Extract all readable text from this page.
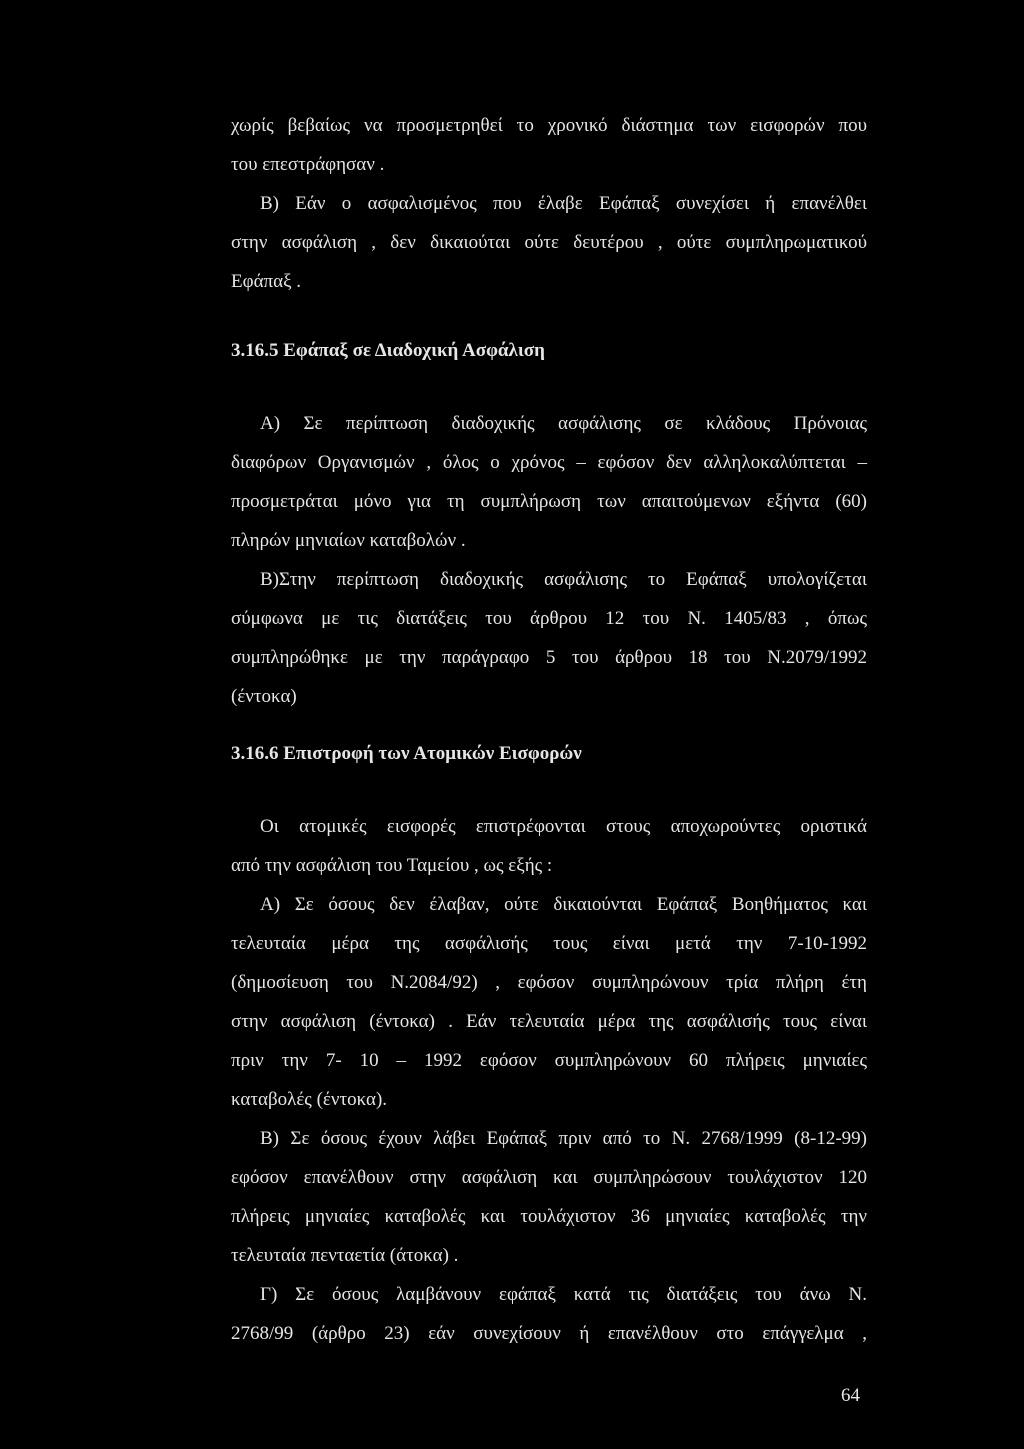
χωρίς βεβαίως να προσμετρηθεί το χρονικό διάστημα των εισφορών που
του επεστράφησαν .
Β) Εάν ο ασφαλισμένος που έλαβε Εφάπαξ συνεχίσει ή επανέλθει
στην ασφάλιση , δεν δικαιούται ούτε δευτέρου , ούτε συμπληρωματικού
Εφάπαξ .
3.16.5 Εφάπαξ σε Διαδοχική Ασφάλιση
Α) Σε περίπτωση διαδοχικής ασφάλισης σε κλάδους Πρόνοιας
διαφόρων Οργανισμών , όλος ο χρόνος – εφόσον δεν αλληλοκαλύπτεται –
προσμετράται μόνο για τη συμπλήρωση των απαιτούμενων εξήντα (60)
πληρών μηνιαίων καταβολών .
Β)Στην περίπτωση διαδοχικής ασφάλισης το Εφάπαξ υπολογίζεται
σύμφωνα με τις διατάξεις του άρθρου 12 του Ν. 1405/83 , όπως
συμπληρώθηκε με την παράγραφο 5 του άρθρου 18 του Ν.2079/1992
(έντοκα)
3.16.6 Επιστροφή των Ατομικών Εισφορών
Οι ατομικές εισφορές επιστρέφονται στους αποχωρούντες οριστικά
από την ασφάλιση του Ταμείου , ως εξής :
Α) Σε όσους δεν έλαβαν, ούτε δικαιούνται Εφάπαξ Βοηθήματος και
τελευταία μέρα της ασφάλισής τους είναι μετά την 7-10-1992
(δημοσίευση του Ν.2084/92) , εφόσον συμπληρώνουν τρία πλήρη έτη
στην ασφάλιση (έντοκα) . Εάν τελευταία μέρα της ασφάλισής τους είναι
πριν την 7- 10 – 1992 εφόσον συμπληρώνουν 60 πλήρεις μηνιαίες
καταβολές (έντοκα).
Β) Σε όσους έχουν λάβει Εφάπαξ πριν από το Ν. 2768/1999 (8-12-99)
εφόσον επανέλθουν στην ασφάλιση και συμπληρώσουν τουλάχιστον 120
πλήρεις μηνιαίες καταβολές και τουλάχιστον 36 μηνιαίες καταβολές την
τελευταία πενταετία (άτοκα) .
Γ) Σε όσους λαμβάνουν εφάπαξ κατά τις διατάξεις του άνω Ν.
2768/99 (άρθρο 23) εάν συνεχίσουν ή επανέλθουν στο επάγγελμα ,
64
